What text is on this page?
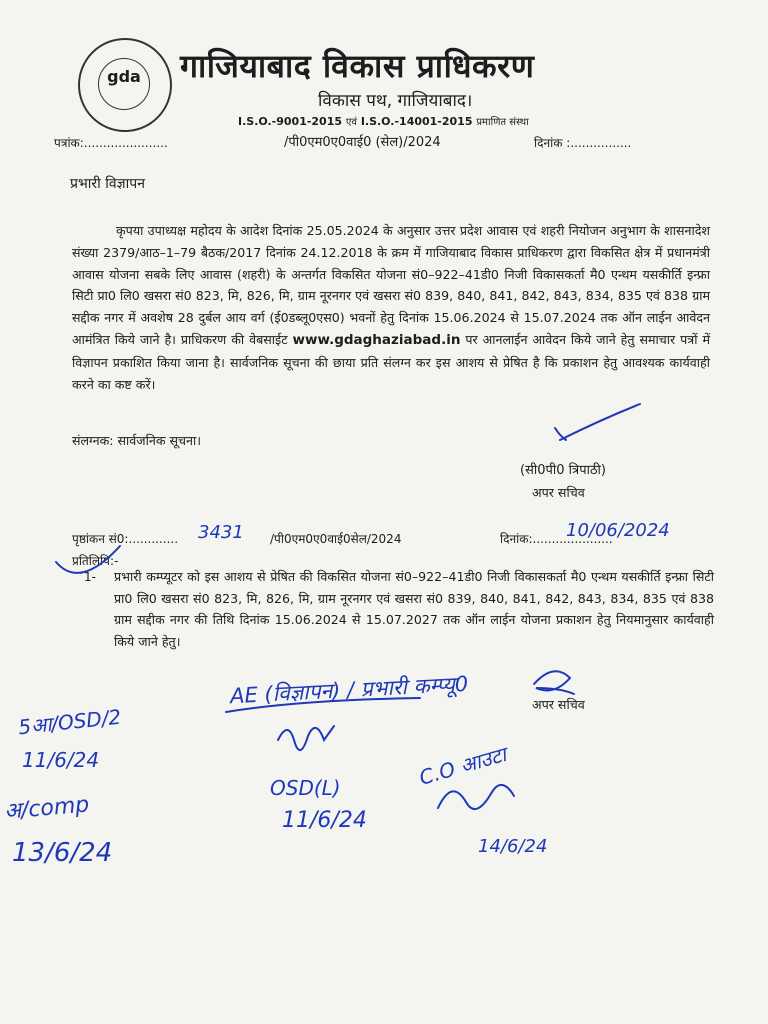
gda गाजियाबाद विकास प्राधिकरण
विकास पथ, गाजियाबाद।
I.S.O.-9001-2015 एवं I.S.O.-14001-2015 प्रमाणित संस्था
पत्रांक:......................	/पी0एम0ए0वाई0 (सेल)/2024	दिनांक :................
प्रभारी विज्ञापन
कृपया उपाध्यक्ष महोदय के आदेश दिनांक 25.05.2024 के अनुसार उत्तर प्रदेश आवास एवं शहरी नियोजन अनुभाग के शासनादेश संख्या 2379/आठ–1–79 बैठक/2017 दिनांक 24.12.2018 के क्रम में गाजियाबाद विकास प्राधिकरण द्वारा विकसित क्षेत्र में प्रधानमंत्री आवास योजना सबके लिए आवास (शहरी) के अन्तर्गत विकसित योजना सं0–922–41डी0 निजी विकासकर्ता मै0 एन्थम यसकीर्ति इन्फ्रा सिटी प्रा0 लि0 खसरा सं0 823, मि, 826, मि, ग्राम नूरनगर एवं खसरा सं0 839, 840, 841, 842, 843, 834, 835 एवं 838 ग्राम सद्दीक नगर में अवशेष 28 दुर्बल आय वर्ग (ई0डब्लू0एस0) भवनों हेतु दिनांक 15.06.2024 से 15.07.2024 तक ऑन लाईन आवेदन आमंत्रित किये जाने है। प्राधिकरण की वेबसाईट www.gdaghaziabad.in पर आनलाईन आवेदन किये जाने हेतु समाचार पत्रों में विज्ञापन प्रकाशित किया जाना है। सार्वजनिक सूचना की छाया प्रति संलग्न कर इस आशय से प्रेषित है कि प्रकाशन हेतु आवश्यक कार्यवाही करने का कष्ट करें।
संलग्नक: सार्वजनिक सूचना।
(सी0पी0 त्रिपाठी)
अपर सचिव
पृष्ठांकन सं0:............. 3431 /पी0एम0ए0वाई0सेल/2024	दिनांक:.....................
10/06/2024
प्रतिलिपि:-
1- प्रभारी कम्प्यूटर को इस आशय से प्रेषित की विकसित योजना सं0–922–41डी0 निजी विकासकर्ता मै0 एन्थम यसकीर्ति इन्फ्रा सिटी प्रा0 लि0 खसरा सं0 823, मि, 826, मि, ग्राम नूरनगर एवं खसरा सं0 839, 840, 841, 842, 843, 834, 835 एवं 838 ग्राम सद्दीक नगर की तिथि दिनांक 15.06.2024 से 15.07.2027 तक ऑन लाईन योजना प्रकाशन हेतु नियमानुसार कार्यवाही किये जाने हेतु।
अपर सचिव
AE (विज्ञापन) / प्रभारी कम्प्यू0
5आ/OSD/2
11/6/24
अ/comp
13/6/24
OSD(L)
11/6/24
C.O आउटा
14/6/24
